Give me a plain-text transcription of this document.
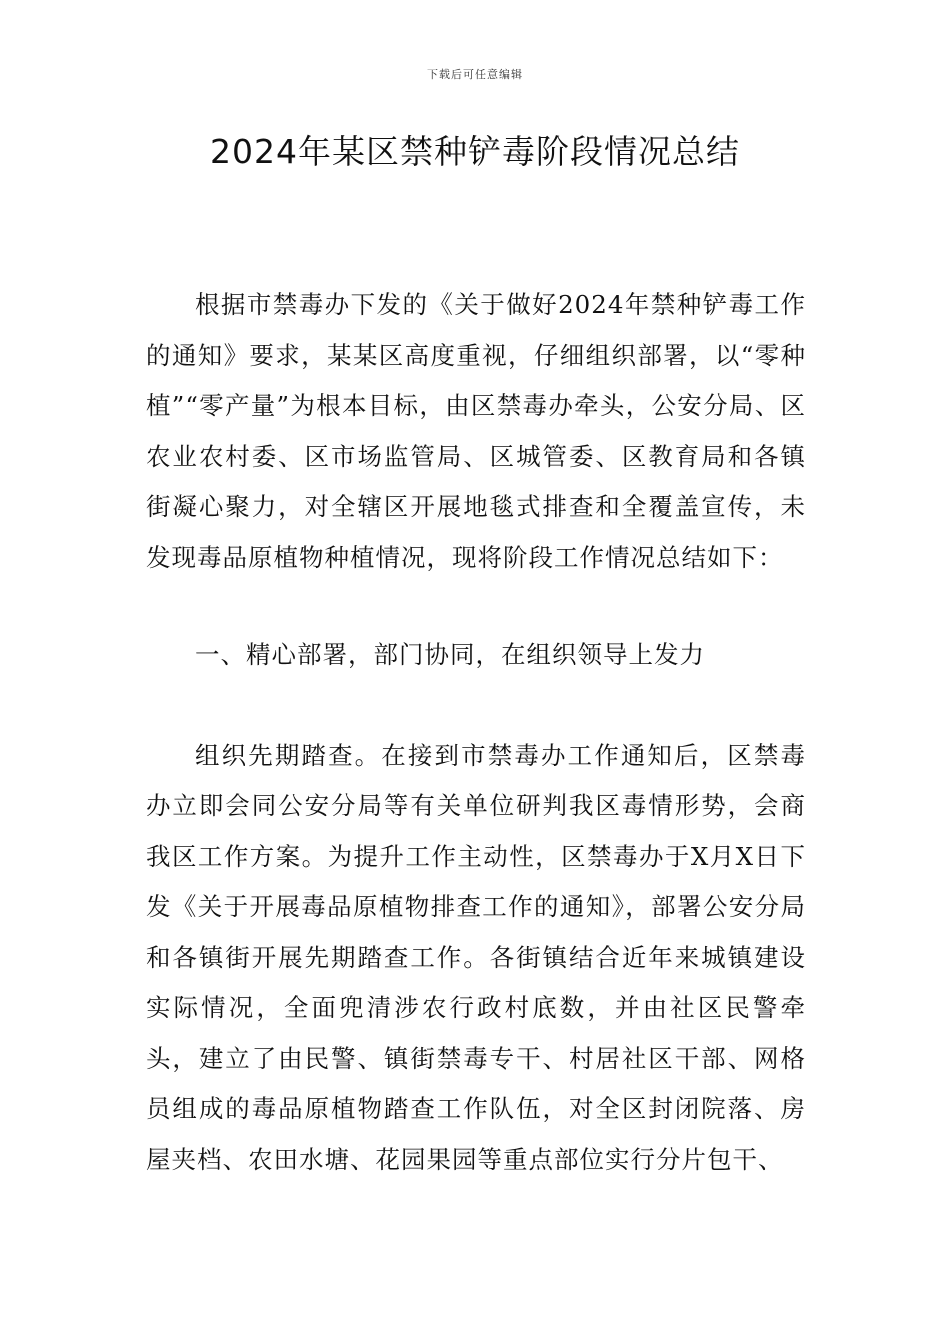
下载后可任意编辑
2024年某区禁种铲毒阶段情况总结

根据市禁毒办下发的《关于做好2024年禁种铲毒工作的通知》要求，某某区高度重视，仔细组织部署，以“零种植”“零产量”为根本目标，由区禁毒办牵头，公安分局、区农业农村委、区市场监管局、区城管委、区教育局和各镇街凝心聚力，对全辖区开展地毯式排查和全覆盖宣传，未发现毒品原植物种植情况，现将阶段工作情况总结如下：

一、精心部署，部门协同，在组织领导上发力

组织先期踏查。在接到市禁毒办工作通知后，区禁毒办立即会同公安分局等有关单位研判我区毒情形势，会商我区工作方案。为提升工作主动性，区禁毒办于X月X日下发《关于开展毒品原植物排查工作的通知》，部署公安分局和各镇街开展先期踏查工作。各街镇结合近年来城镇建设实际情况，全面兜清涉农行政村底数，并由社区民警牵头，建立了由民警、镇街禁毒专干、村居社区干部、网格员组成的毒品原植物踏查工作队伍，对全区封闭院落、房屋夹档、农田水塘、花园果园等重点部位实行分片包干、
